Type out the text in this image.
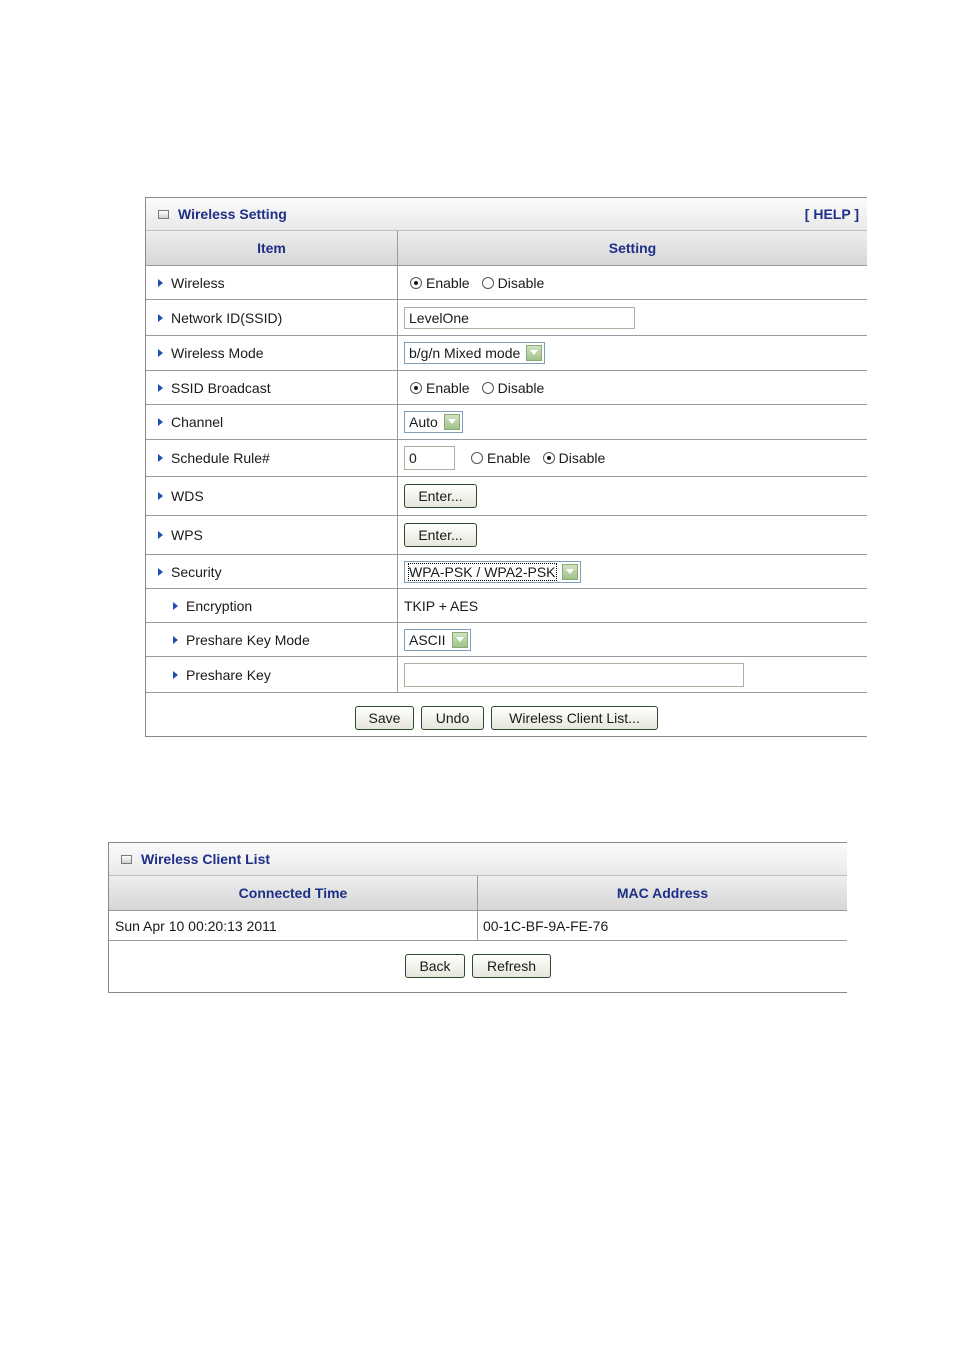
Wireless Setting	[ HELP ]
Item	Setting
Wireless	Enable Disable
Network ID(SSID)	LevelOne
Wireless Mode	b/g/n Mixed mode
SSID Broadcast	Enable Disable
Channel	Auto
Schedule Rule#	0	Enable Disable
WDS	Enter...
WPS	Enter...
Security	WPA-PSK / WPA2-PSK
Encryption	TKIP + AES
Preshare Key Mode	ASCII
Preshare Key
Save	Undo	Wireless Client List...
Wireless Client List
Connected Time	MAC Address
Sun Apr 10 00:20:13 2011	00-1C-BF-9A-FE-76
Back	Refresh
